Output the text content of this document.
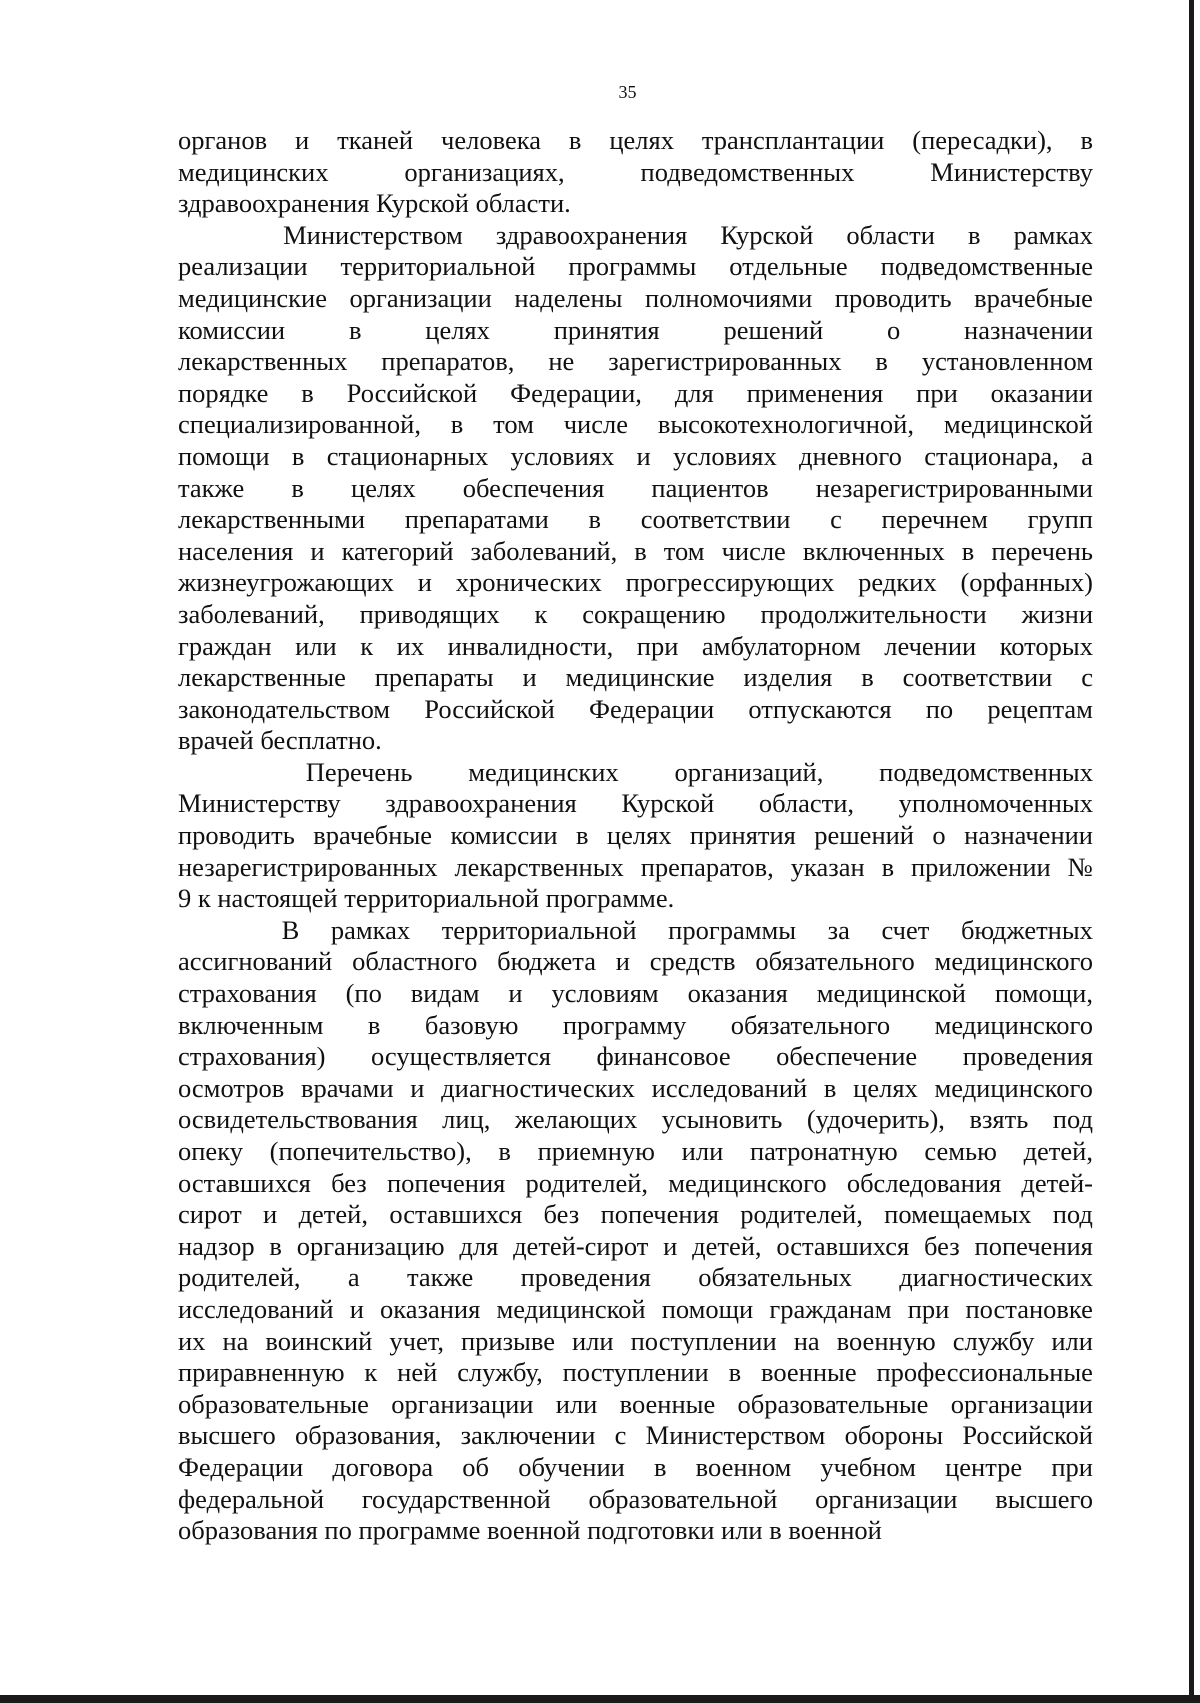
35
органов и тканей человека в целях трансплантации (пересадки), в
медицинских	организациях,	подведомственных	Министерству
здравоохранения Курской области.
Министерством здравоохранения Курской области в рамках
реализации территориальной программы отдельные подведомственные
медицинские организации наделены полномочиями проводить врачебные
комиссии в целях принятия решений о назначении
лекарственных препаратов, не зарегистрированных в установленном
порядке в Российской Федерации, для применения при оказании
специализированной, в том числе высокотехнологичной, медицинской
помощи в стационарных условиях и условиях дневного стационара, а
также в целях обеспечения пациентов незарегистрированными
лекарственными препаратами в соответствии с перечнем групп
населения и категорий заболеваний, в том числе включенных в перечень
жизнеугрожающих и хронических прогрессирующих редких (орфанных)
заболеваний, приводящих к сокращению продолжительности жизни
граждан или к их инвалидности, при амбулаторном лечении которых
лекарственные препараты и медицинские изделия в соответствии с
законодательством Российской Федерации отпускаются по рецептам
врачей бесплатно.
Перечень медицинских организаций, подведомственных
Министерству здравоохранения Курской области, уполномоченных
проводить врачебные комиссии в целях принятия решений о назначении
незарегистрированных лекарственных препаратов, указан в приложении №
9 к настоящей территориальной программе.
В рамках территориальной программы за счет бюджетных
ассигнований областного бюджета и средств обязательного медицинского
страхования (по видам и условиям оказания медицинской помощи,
включенным в базовую программу обязательного медицинского
страхования) осуществляется финансовое обеспечение проведения
осмотров врачами и диагностических исследований в целях медицинского
освидетельствования лиц, желающих усыновить (удочерить), взять под
опеку (попечительство), в приемную или патронатную семью детей,
оставшихся без попечения родителей, медицинского обследования детей-
сирот и детей, оставшихся без попечения родителей, помещаемых под
надзор в организацию для детей-сирот и детей, оставшихся без попечения
родителей, а также проведения обязательных диагностических
исследований и оказания медицинской помощи гражданам при постановке
их на воинский учет, призыве или поступлении на военную службу или
приравненную к ней службу, поступлении в военные профессиональные
образовательные организации или военные образовательные организации
высшего образования, заключении с Министерством обороны Российской
Федерации договора об обучении в военном учебном центре при
федеральной государственной образовательной организации высшего
образования по программе военной подготовки или в военной
